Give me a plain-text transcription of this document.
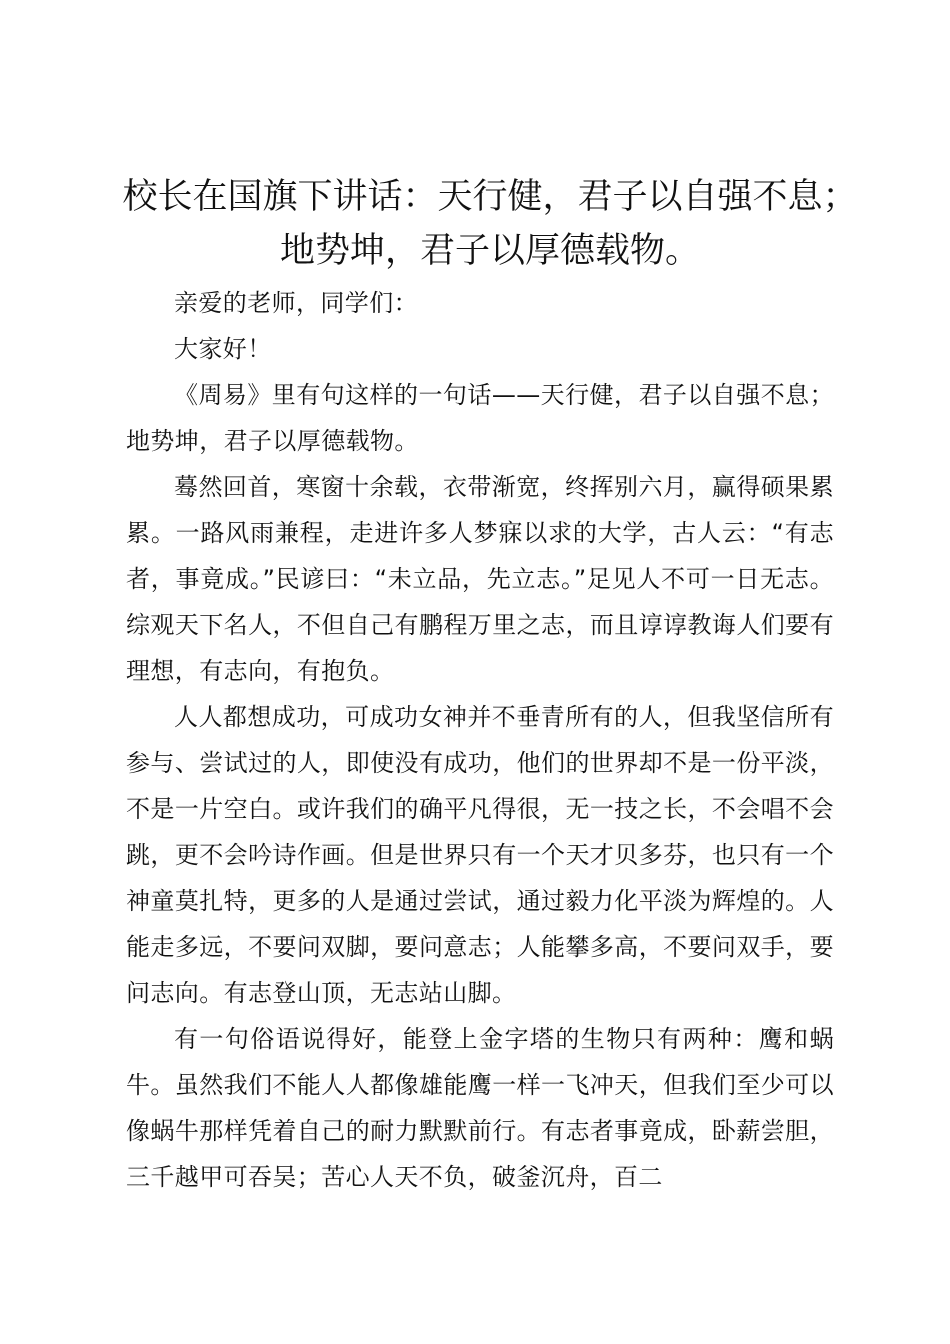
校长在国旗下讲话：天行健，君子以自强不息；
地势坤，君子以厚德载物。

亲爱的老师，同学们：

大家好！

《周易》里有句这样的一句话——天行健，君子以自强不息；地势坤，君子以厚德载物。

蓦然回首，寒窗十余载，衣带渐宽，终挥别六月，赢得硕果累累。一路风雨兼程，走进许多人梦寐以求的大学，古人云：“有志者，事竟成。”民谚曰：“未立品，先立志。”足见人不可一日无志。综观天下名人，不但自己有鹏程万里之志，而且谆谆教诲人们要有理想，有志向，有抱负。

人人都想成功，可成功女神并不垂青所有的人，但我坚信所有参与、尝试过的人，即使没有成功，他们的世界却不是一份平淡，不是一片空白。或许我们的确平凡得很，无一技之长，不会唱不会跳，更不会吟诗作画。但是世界只有一个天才贝多芬，也只有一个神童莫扎特，更多的人是通过尝试，通过毅力化平淡为辉煌的。人能走多远，不要问双脚，要问意志；人能攀多高，不要问双手，要问志向。有志登山顶，无志站山脚。

有一句俗语说得好，能登上金字塔的生物只有两种：鹰和蜗牛。虽然我们不能人人都像雄能鹰一样一飞冲天，但我们至少可以像蜗牛那样凭着自己的耐力默默前行。有志者事竟成，卧薪尝胆，三千越甲可吞吴；苦心人天不负，破釜沉舟，百二
